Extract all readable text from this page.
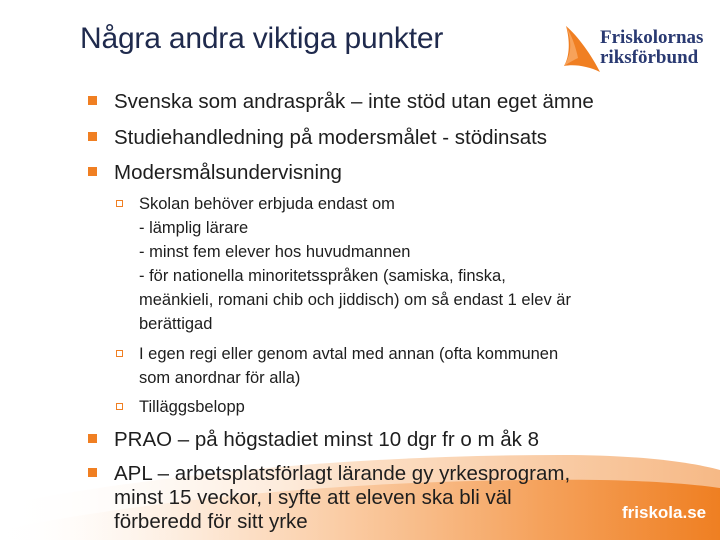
Några andra viktiga punkter	Friskolornas
riksförbund
Svenska som andraspråk – inte stöd utan eget ämne
Studiehandledning på modersmålet - stödinsats
Modersmålsundervisning
Skolan behöver erbjuda endast om
- lämplig lärare
- minst fem elever hos huvudmannen
- för nationella minoritetsspråken (samiska, finska,
meänkieli, romani chib och jiddisch) om så endast 1 elev är
berättigad
I egen regi eller genom avtal med annan (ofta kommunen
som anordnar för alla)
Tilläggsbelopp
PRAO – på högstadiet minst 10 dgr fr o m åk 8
APL – arbetsplatsförlagt lärande gy yrkesprogram,
minst 15 veckor, i syfte att eleven ska bli väl
förberedd för sitt yrke	friskola.se
